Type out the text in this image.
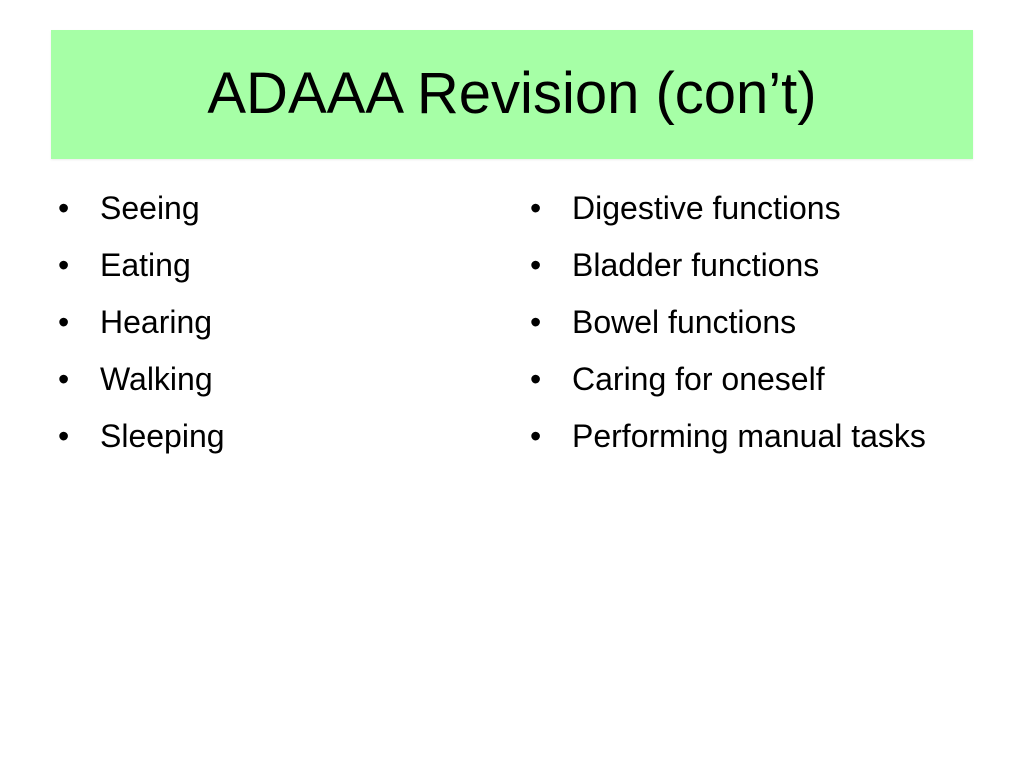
ADAAA Revision (con’t)
• Seeing
• Eating
• Hearing
• Walking
• Sleeping
• Digestive functions
• Bladder functions
• Bowel functions
• Caring for oneself
• Performing manual tasks
